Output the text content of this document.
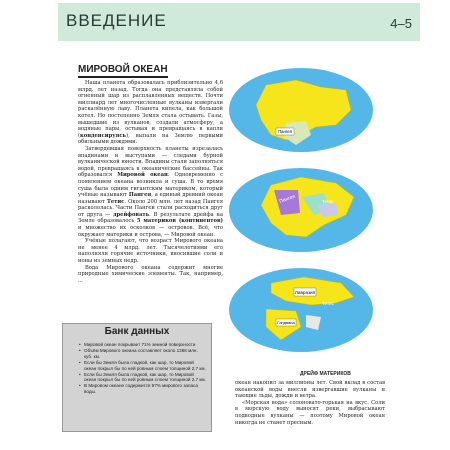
ВВЕДЕНИЕ	4–5
МИРОВОЙ ОКЕАН

Наша планета образовалась приблизительно 4,6 млрд. лет назад. Тогда она представляла собой огненный шар из расплавленных веществ. Почти миллиард лет многочисленные вулканы извергали раскалённую лаву. Планета кипела, как большой котел. Но постепенно Земля стала остывать. Газы, вышедшие из вулканов, создали атмосферу, а водяные пары, остывая и превращаясь в капли (конденсируясь), выпали на Землю первыми обильными дождями.

Затвердевшая поверхность планеты изрезалась впадинами и выступами — следами бурной вулканической юности. Впадины стали заполняться водой, превращаясь в океанические бассейны. Так образовался Мировой океан. Одновременно с появлением океана возникла и суша. В то время суша была одним гигантским материком, который учёные называют Пангея, а единый древний океан называют Тетис. Около 200 млн. лет назад Пангея раскололась. Части Пангеи стали расходиться друг от друга — дрейфовать. В результате дрейфа на Земле образовалось 5 материков (континентов) и множество их осколков — островов. Всё, что окружает материки и острова, — Мировой океан.

Учёные полагают, что возраст Мирового океана не менее 4 млрд. лет. Тысячелетиями его наполняли горячие источники, вносившие соли и ионы из земных недр.

Вода Мирового океана содержит многие природные химические элементы. Так, например, ...

Банк данных
• Мировой океан покрывает 71% земной поверхности
• Объём Мирового океана составляет около 1368 млн. куб. км.
• Если бы Земля была гладкой, как шар, то Мировой океан покрыл бы по ней ровным слоем толщиной 2,7 км.
• Если бы Земля была гладкой, как шар, то Мировой океан покрыл бы по ней ровным слоем толщиной 2,7 км.
• В Мировом океане содержится 97% мирового запаса воды.
Пангея
Пангея	Тетис
Лавразия
Гондвана
Тетис
ДРЕЙФ МАТЕРИКОВ

океан накопил за миллионы лет. Свой вклад в состав океанской воды внесли извергавшие вулканы и тающие льды, дожди и ветра.

«Морская вода» солоновато-горькая на вкус. Соли в морскую воду выносят реки, выбрасывают подводные вулканы — поэтому Мировой океан никогда не станет пресным.
